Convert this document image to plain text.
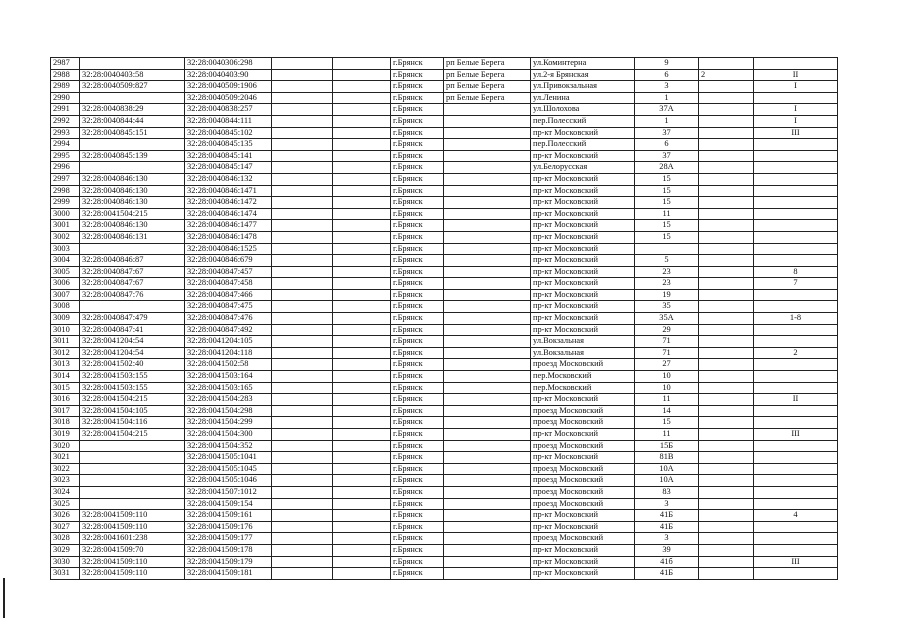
2987		32:28:0040306:298			г.Брянск	рп Белые Берега	ул.Коминтерна	9		
2988	32:28:0040403:58	32:28:0040403:90			г.Брянск	рп Белые Берега	ул.2-я Брянская	6	2	II
2989	32:28:0040509:827	32:28:0040509:1906			г.Брянск	рп Белые Берега	ул.Привокзальная	3		I
2990		32:28:0040509:2046			г.Брянск	рп Белые Берега	ул.Ленина	1		
2991	32:28:0040838:29	32:28:0040838:257			г.Брянск		ул.Шолохова	37А		I
2992	32:28:0040844:44	32:28:0040844:111			г.Брянск		пер.Полесский	1		I
2993	32:28:0040845:151	32:28:0040845:102			г.Брянск		пр-кт Московский	37		III
2994		32:28:0040845:135			г.Брянск		пер.Полесский	6		
2995	32:28:0040845:139	32:28:0040845:141			г.Брянск		пр-кт Московский	37		
2996		32:28:0040845:147			г.Брянск		ул.Белорусская	28А		
2997	32:28:0040846:130	32:28:0040846:132			г.Брянск		пр-кт Московский	15		
2998	32:28:0040846:130	32:28:0040846:1471			г.Брянск		пр-кт Московский	15		
2999	32:28:0040846:130	32:28:0040846:1472			г.Брянск		пр-кт Московский	15		
3000	32:28:0041504:215	32:28:0040846:1474			г.Брянск		пр-кт Московский	11		
3001	32:28:0040846:130	32:28:0040846:1477			г.Брянск		пр-кт Московский	15		
3002	32:28:0040846:131	32:28:0040846:1478			г.Брянск		пр-кт Московский	15		
3003		32:28:0040846:1525			г.Брянск		пр-кт Московский			
3004	32:28:0040846:87	32:28:0040846:679			г.Брянск		пр-кт Московский	5		
3005	32:28:0040847:67	32:28:0040847:457			г.Брянск		пр-кт Московский	23		8
3006	32:28:0040847:67	32:28:0040847:458			г.Брянск		пр-кт Московский	23		7
3007	32:28:0040847:76	32:28:0040847:466			г.Брянск		пр-кт Московский	19		
3008		32:28:0040847:475			г.Брянск		пр-кт Московский	35		
3009	32:28:0040847:479	32:28:0040847:476			г.Брянск		пр-кт Московский	35А		1-8
3010	32:28:0040847:41	32:28:0040847:492			г.Брянск		пр-кт Московский	29		
3011	32:28:0041204:54	32:28:0041204:105			г.Брянск		ул.Вокзальная	71		
3012	32:28:0041204:54	32:28:0041204:118			г.Брянск		ул.Вокзальная	71		2
3013	32:28:0041502:40	32:28:0041502:58			г.Брянск		проезд Московский	27		
3014	32:28:0041503:155	32:28:0041503:164			г.Брянск		пер.Московский	10		
3015	32:28:0041503:155	32:28:0041503:165			г.Брянск		пер.Московский	10		
3016	32:28:0041504:215	32:28:0041504:283			г.Брянск		пр-кт Московский	11		II
3017	32:28:0041504:105	32:28:0041504:298			г.Брянск		проезд Московский	14		
3018	32:28:0041504:116	32:28:0041504:299			г.Брянск		проезд Московский	15		
3019	32:28:0041504:215	32:28:0041504:300			г.Брянск		пр-кт Московский	11		III
3020		32:28:0041504:352			г.Брянск		проезд Московский	15Б		
3021		32:28:0041505:1041			г.Брянск		пр-кт Московский	81В		
3022		32:28:0041505:1045			г.Брянск		проезд Московский	10А		
3023		32:28:0041505:1046			г.Брянск		проезд Московский	10А		
3024		32:28:0041507:1012			г.Брянск		проезд Московский	83		
3025		32:28:0041509:154			г.Брянск		проезд Московский	3		
3026	32:28:0041509:110	32:28:0041509:161			г.Брянск		пр-кт Московский	41Б		4
3027	32:28:0041509:110	32:28:0041509:176			г.Брянск		пр-кт Московский	41Б		
3028	32:28:0041601:238	32:28:0041509:177			г.Брянск		проезд Московский	3		
3029	32:28:0041509:70	32:28:0041509:178			г.Брянск		пр-кт Московский	39		
3030	32:28:0041509:110	32:28:0041509:179			г.Брянск		пр-кт Московский	41б		III
3031	32:28:0041509:110	32:28:0041509:181			г.Брянск		пр-кт Московский	41Б		
